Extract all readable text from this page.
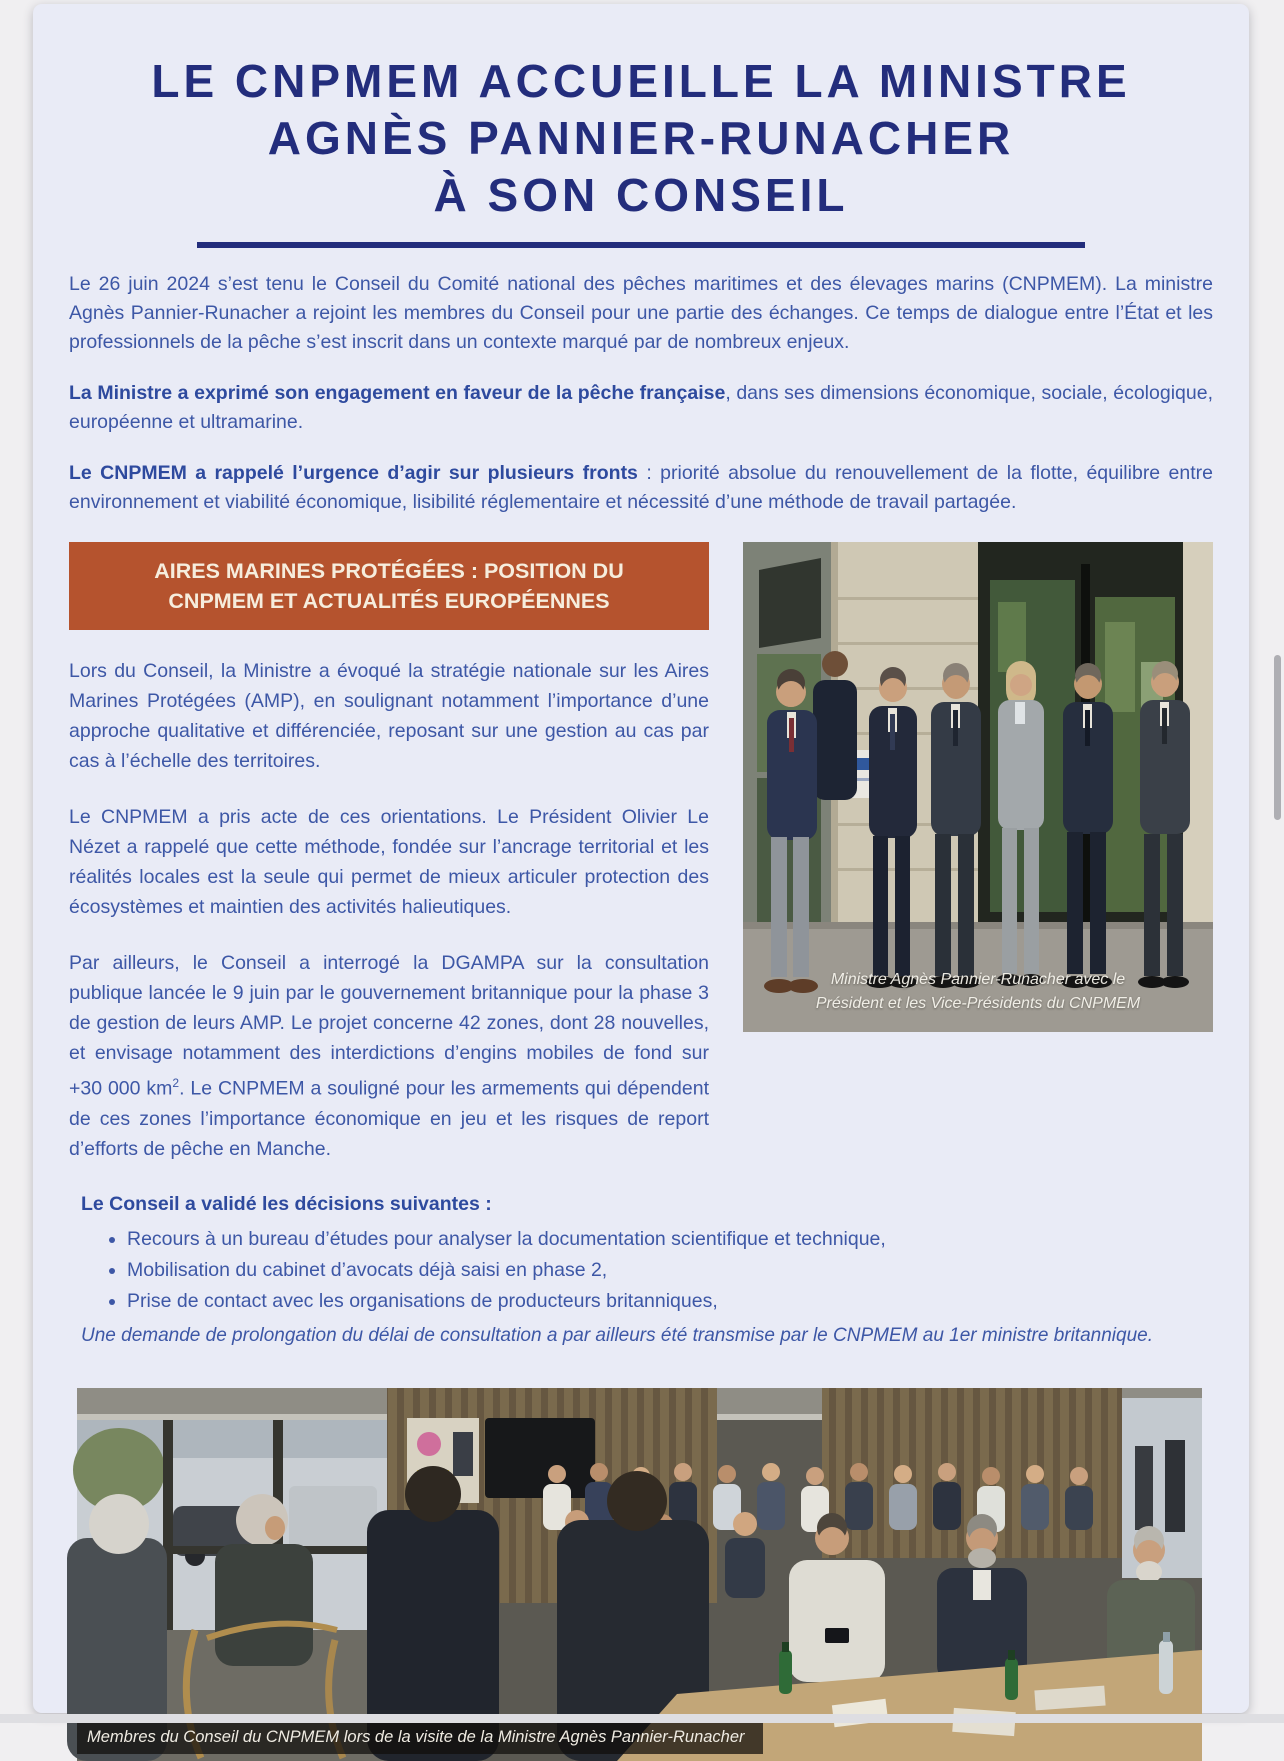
LE CNPMEM ACCUEILLE LA MINISTRE
AGNÈS PANNIER-RUNACHER
À SON CONSEIL

Le 26 juin 2024 s’est tenu le Conseil du Comité national des pêches maritimes et des élevages marins (CNPMEM). La ministre Agnès Pannier-Runacher a rejoint les membres du Conseil pour une partie des échanges. Ce temps de dialogue entre l’État et les professionnels de la pêche s’est inscrit dans un contexte marqué par de nombreux enjeux.

La Ministre a exprimé son engagement en faveur de la pêche française, dans ses dimensions économique, sociale, écologique, européenne et ultramarine.

Le CNPMEM a rappelé l’urgence d’agir sur plusieurs fronts : priorité absolue du renouvellement de la flotte, équilibre entre environnement et viabilité économique, lisibilité réglementaire et nécessité d’une méthode de travail partagée.

AIRES MARINES PROTÉGÉES : POSITION DU
CNPMEM ET ACTUALITÉS EUROPÉENNES

Lors du Conseil, la Ministre a évoqué la stratégie nationale sur les Aires Marines Protégées (AMP), en soulignant notamment l’importance d’une approche qualitative et différenciée, reposant sur une gestion au cas par cas à l’échelle des territoires.

Le CNPMEM a pris acte de ces orientations. Le Président Olivier Le Nézet a rappelé que cette méthode, fondée sur l’ancrage territorial et les réalités locales est la seule qui permet de mieux articuler protection des écosystèmes et maintien des activités halieutiques.

Par ailleurs, le Conseil a interrogé la DGAMPA sur la consultation publique lancée le 9 juin par le gouvernement britannique pour la phase 3 de gestion de leurs AMP. Le projet concerne 42 zones, dont 28 nouvelles, et envisage notamment des interdictions d’engins mobiles de fond sur +30 000 $km^2$. Le CNPMEM a souligné pour les armements qui dépendent de ces zones l’importance économique en jeu et les risques de report d’efforts de pêche en Manche.

Ministre Agnès Pannier-Runacher avec le
Président et les Vice-Présidents du CNPMEM

Le Conseil a validé les décisions suivantes :

• Recours à un bureau d’études pour analyser la documentation scientifique et technique,
• Mobilisation du cabinet d’avocats déjà saisi en phase 2,
• Prise de contact avec les organisations de producteurs britanniques,

Une demande de prolongation du délai de consultation a par ailleurs été transmise par le CNPMEM au 1er ministre britannique.

Membres du Conseil du CNPMEM lors de la visite de la Ministre Agnès Pannier-Runacher
